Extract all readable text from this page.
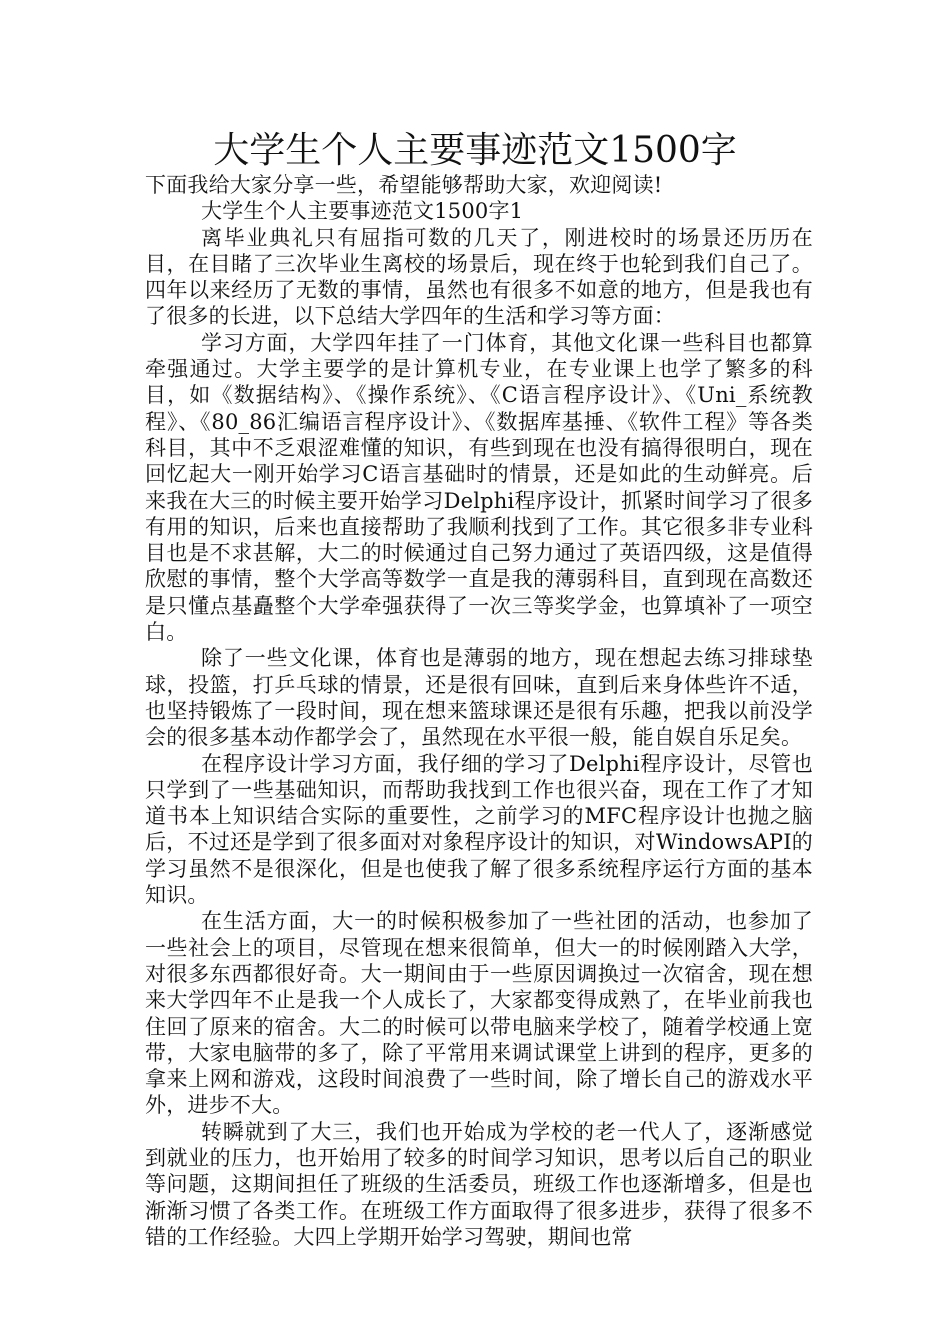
大学生个人主要事迹范文1500字

下面我给大家分享一些，希望能够帮助大家，欢迎阅读!

大学生个人主要事迹范文1500字1

离毕业典礼只有屈指可数的几天了，刚进校时的场景还历历在目，在目睹了三次毕业生离校的场景后，现在终于也轮到我们自己了。四年以来经历了无数的事情，虽然也有很多不如意的地方，但是我也有了很多的长进，以下总结大学四年的生活和学习等方面：

学习方面，大学四年挂了一门体育，其他文化课一些科目也都算牵强通过。大学主要学的是计算机专业，在专业课上也学了繁多的科目，如《数据结构》、《操作系统》、《C语言程序设计》、《Uni_系统教程》、《80_86汇编语言程序设计》、《数据库基捶、《软件工程》等各类科目，其中不乏艰涩难懂的知识，有些到现在也没有搞得很明白，现在回忆起大一刚开始学习C语言基础时的情景，还是如此的生动鲜亮。后来我在大三的时候主要开始学习Delphi程序设计，抓紧时间学习了很多有用的知识，后来也直接帮助了我顺利找到了工作。其它很多非专业科目也是不求甚解，大二的时候通过自己努力通过了英语四级，这是值得欣慰的事情，整个大学高等数学一直是我的薄弱科目，直到现在高数还是只懂点基矗整个大学牵强获得了一次三等奖学金，也算填补了一项空白。

除了一些文化课，体育也是薄弱的地方，现在想起去练习排球垫球，投篮，打乒乓球的情景，还是很有回味，直到后来身体些许不适，也坚持锻炼了一段时间，现在想来篮球课还是很有乐趣，把我以前没学会的很多基本动作都学会了，虽然现在水平很一般，能自娱自乐足矣。

在程序设计学习方面，我仔细的学习了Delphi程序设计，尽管也只学到了一些基础知识，而帮助我找到工作也很兴奋，现在工作了才知道书本上知识结合实际的重要性，之前学习的MFC程序设计也抛之脑后，不过还是学到了很多面对对象程序设计的知识，对WindowsAPI的学习虽然不是很深化，但是也使我了解了很多系统程序运行方面的基本知识。

在生活方面，大一的时候积极参加了一些社团的活动，也参加了一些社会上的项目，尽管现在想来很简单，但大一的时候刚踏入大学，对很多东西都很好奇。大一期间由于一些原因调换过一次宿舍，现在想来大学四年不止是我一个人成长了，大家都变得成熟了，在毕业前我也住回了原来的宿舍。大二的时候可以带电脑来学校了，随着学校通上宽带，大家电脑带的多了，除了平常用来调试课堂上讲到的程序，更多的拿来上网和游戏，这段时间浪费了一些时间，除了增长自己的游戏水平外，进步不大。

转瞬就到了大三，我们也开始成为学校的老一代人了，逐渐感觉到就业的压力，也开始用了较多的时间学习知识，思考以后自己的职业等问题，这期间担任了班级的生活委员，班级工作也逐渐增多，但是也渐渐习惯了各类工作。在班级工作方面取得了很多进步，获得了很多不错的工作经验。大四上学期开始学习驾驶，期间也常
